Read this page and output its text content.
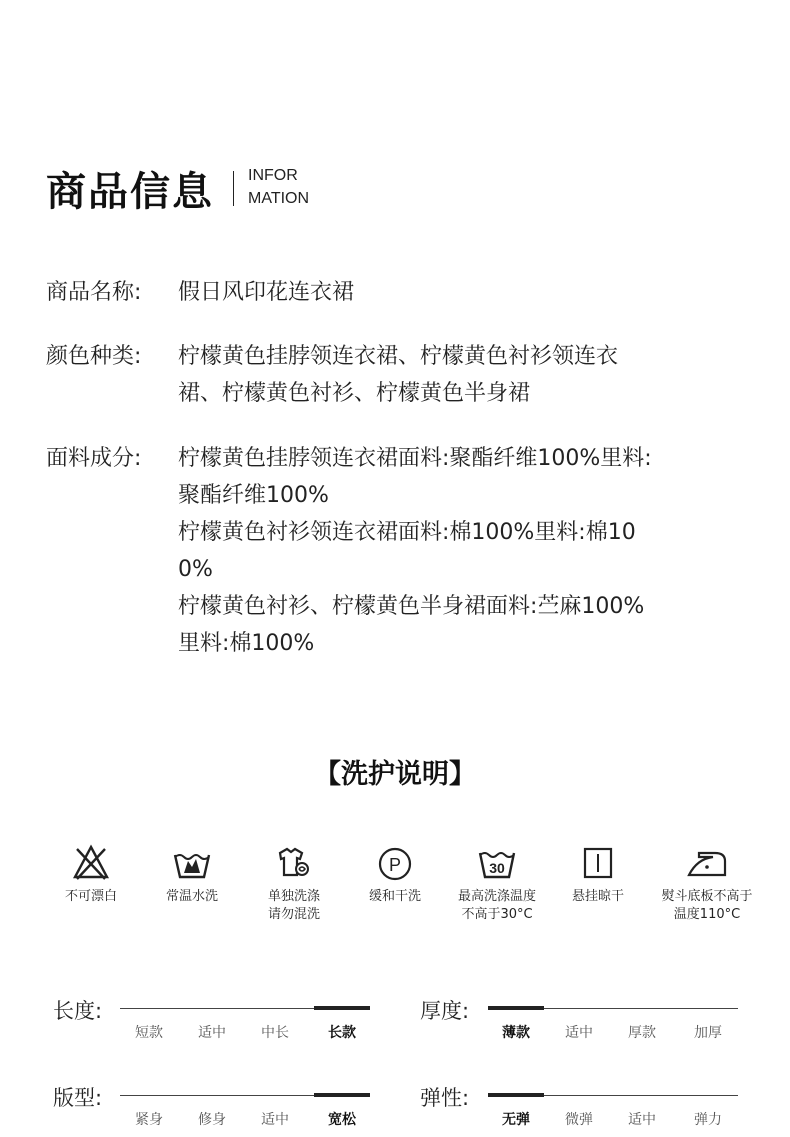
商品信息 INFOR
MATION
商品名称:	假日风印花连衣裙
颜色种类:	柠檬黄色挂脖领连衣裙、柠檬黄色衬衫领连衣
裙、柠檬黄色衬衫、柠檬黄色半身裙
面料成分:	柠檬黄色挂脖领连衣裙面料:聚酯纤维100%里料:
聚酯纤维100%
柠檬黄色衬衫领连衣裙面料:棉100%里料:棉10
0%
柠檬黄色衬衫、柠檬黄色半身裙面料:苎麻100%
里料:棉100%
【洗护说明】
不可漂白	常温水洗	单独洗涤
请勿混洗
P
缓和干洗
30
最高洗涤温度
不高于30°C
悬挂晾干	熨斗底板不高于
温度110°C
长度:
短款	适中	中长	长款
厚度:
薄款	适中	厚款	加厚
版型:
紧身	修身	适中	宽松
弹性:
无弹	微弹	适中	弹力
